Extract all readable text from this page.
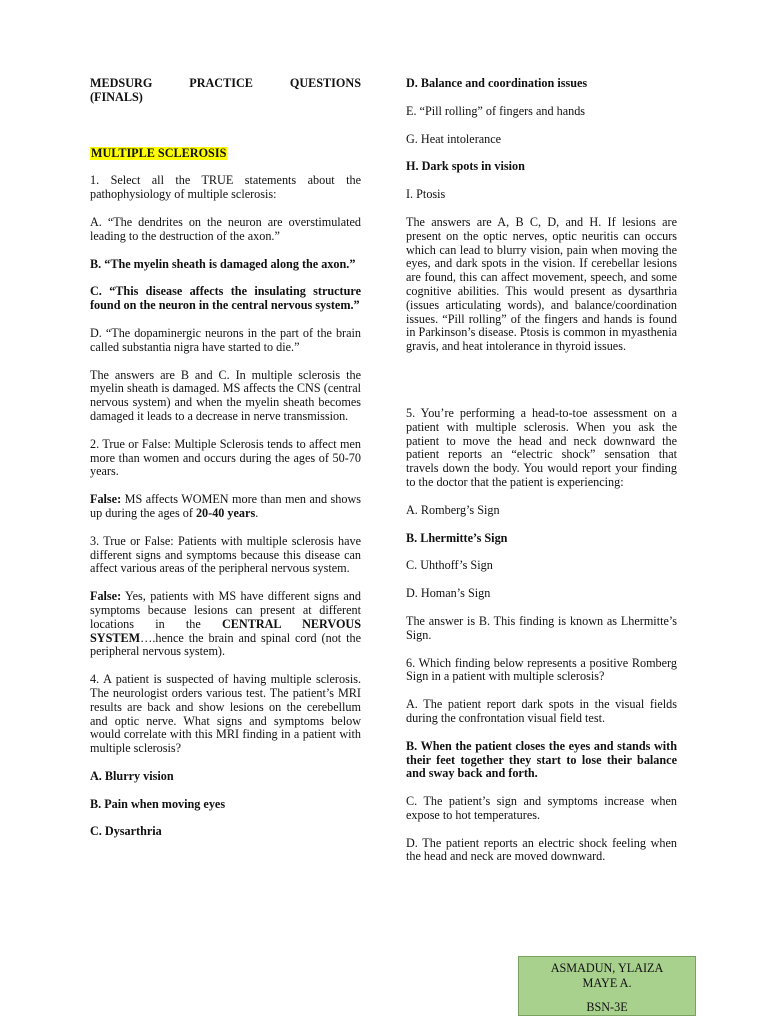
MEDSURG PRACTICE QUESTIONS
(FINALS)
MULTIPLE SCLEROSIS

1. Select all the TRUE statements about the pathophysiology of multiple sclerosis:

A. “The dendrites on the neuron are overstimulated leading to the destruction of the axon.”

B. “The myelin sheath is damaged along the axon.”

C. “This disease affects the insulating structure found on the neuron in the central nervous system.”

D. “The dopaminergic neurons in the part of the brain called substantia nigra have started to die.”

The answers are B and C. In multiple sclerosis the myelin sheath is damaged. MS affects the CNS (central nervous system) and when the myelin sheath becomes damaged it leads to a decrease in nerve transmission.

2. True or False: Multiple Sclerosis tends to affect men more than women and occurs during the ages of 50-70 years.

False: MS affects WOMEN more than men and shows up during the ages of 20-40 years.

3. True or False: Patients with multiple sclerosis have different signs and symptoms because this disease can affect various areas of the peripheral nervous system.

False: Yes, patients with MS have different signs and symptoms because lesions can present at different locations in the CENTRAL NERVOUS SYSTEM….hence the brain and spinal cord (not the peripheral nervous system).

4. A patient is suspected of having multiple sclerosis. The neurologist orders various test. The patient’s MRI results are back and show lesions on the cerebellum and optic nerve. What signs and symptoms below would correlate with this MRI finding in a patient with multiple sclerosis?

A. Blurry vision

B. Pain when moving eyes

C. Dysarthria

D. Balance and coordination issues

E. “Pill rolling” of fingers and hands

G. Heat intolerance

H. Dark spots in vision

I. Ptosis

The answers are A, B C, D, and H. If lesions are present on the optic nerves, optic neuritis can occurs which can lead to blurry vision, pain when moving the eyes, and dark spots in the vision. If cerebellar lesions are found, this can affect movement, speech, and some cognitive abilities. This would present as dysarthria (issues articulating words), and balance/coordination issues. “Pill rolling” of the fingers and hands is found in Parkinson’s disease. Ptosis is common in myasthenia gravis, and heat intolerance in thyroid issues.

5. You’re performing a head-to-toe assessment on a patient with multiple sclerosis. When you ask the patient to move the head and neck downward the patient reports an “electric shock” sensation that travels down the body. You would report your finding to the doctor that the patient is experiencing:

A. Romberg’s Sign

B. Lhermitte’s Sign

C. Uhthoff’s Sign

D. Homan’s Sign

The answer is B. This finding is known as Lhermitte’s Sign.

6. Which finding below represents a positive Romberg Sign in a patient with multiple sclerosis?

A. The patient report dark spots in the visual fields during the confrontation visual field test.

B. When the patient closes the eyes and stands with their feet together they start to lose their balance and sway back and forth.

C. The patient’s sign and symptoms increase when expose to hot temperatures.

D. The patient reports an electric shock feeling when the head and neck are moved downward.

ASMADUN, YLAIZA
MAYE A.
BSN-3E
